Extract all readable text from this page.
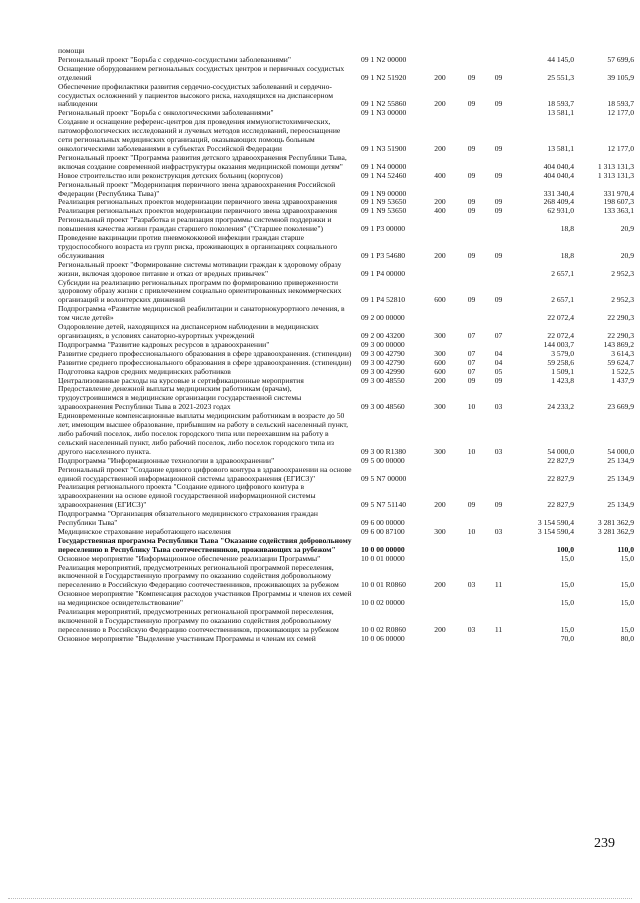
помощи						
Региональный проект "Борьба с сердечно-сосудистыми заболеваниями"	09 1 N2 00000				44 145,0	57 699,6
Оснащение оборудованием региональных сосудистых центров и первичных сосудистых отделений	09 1 N2 51920	200	09	09	25 551,3	39 105,9
Обеспечение профилактики развития сердечно-сосудистых заболеваний и сердечно-сосудистых осложнений у пациентов высокого риска, находящихся на диспансерном наблюдении	09 1 N2 55860	200	09	09	18 593,7	18 593,7
Региональный проект "Борьба с онкологическими заболеваниями"	09 1 N3 00000				13 581,1	12 177,0
Создание и оснащение референс-центров для проведения иммуногистохимических, патоморфологических исследований и лучевых методов исследований, переоснащение сети региональных медицинских организаций, оказывающих помощь больным онкологическими заболеваниями в субъектах Российской Федерации	09 1 N3 51900	200	09	09	13 581,1	12 177,0
Региональный проект "Программа развития детского здравоохранения Республики Тыва, включая создание современной инфраструктуры оказания медицинской помощи детям"	09 1 N4 00000				404 040,4	1 313 131,3
Новое строительство или реконструкция детских больниц (корпусов)	09 1 N4 52460	400	09	09	404 040,4	1 313 131,3
Региональный проект "Модернизация первичного звена здравоохранения Российской Федерации (Республика Тыва)"	09 1 N9 00000				331 340,4	331 970,4
Реализация региональных проектов модернизации первичного звена здравоохранения	09 1 N9 53650	200	09	09	268 409,4	198 607,3
Реализация региональных проектов модернизации первичного звена здравоохранения	09 1 N9 53650	400	09	09	62 931,0	133 363,1
Региональный проект "Разработка и реализация программы системной поддержки и повышения качества жизни граждан старшего поколения" ("Старшее поколение")	09 1 P3 00000				18,8	20,9
Проведение вакцинации против пневмококковой инфекции граждан старше трудоспособного возраста из групп риска, проживающих в организациях социального обслуживания	09 1 P3 54680	200	09	09	18,8	20,9
Региональный проект "Формирование системы мотивации граждан к здоровому образу жизни, включая здоровое питание и отказ от вредных привычек"	09 1 P4 00000				2 657,1	2 952,3
Субсидии на реализацию региональных программ по формированию приверженности здоровому образу жизни с привлечением социально ориентированных некоммерческих организаций и волонтерских движений	09 1 P4 52810	600	09	09	2 657,1	2 952,3
Подпрограмма «Развитие медицинской реабилитации и санаторнокурортного лечения, в том числе детей»	09 2 00 00000				22 072,4	22 290,3
Оздоровление детей, находящихся на диспансерном наблюдении в медицинских организациях, в условиях санаторно-курортных учреждений	09 2 00 43200	300	07	07	22 072,4	22 290,3
Подпрограмма "Развитие кадровых ресурсов в здравоохранении"	09 3 00 00000				144 003,7	143 869,2
Развитие среднего профессионального образования в сфере здравоохранения. (стипендии)	09 3 00 42790	300	07	04	3 579,0	3 614,3
Развитие среднего профессионального образования в сфере здравоохранения. (стипендии)	09 3 00 42790	600	07	04	59 258,6	59 624,7
Подготовка кадров средних медицинских работников	09 3 00 42990	600	07	05	1 509,1	1 522,5
Централизованные расходы на курсовые и сертификационные мероприятия	09 3 00 48550	200	09	09	1 423,8	1 437,9
Предоставление денежной выплаты медицинским работникам (врачам), трудоустроившимся в медицинские организации государственной системы здравоохранения Республики Тыва в 2021-2023 годах	09 3 00 48560	300	10	03	24 233,2	23 669,9
Единовременные компенсационные выплаты медицинским работникам в возрасте до 50 лет, имеющим высшее образование, прибывшим на работу в сельский населенный пункт, либо рабочий поселок, либо поселок городского типа или переехавшим на работу в сельский населенный пункт, либо рабочий поселок, либо поселок городского типа из другого населенного пункта.	09 3 00 R1380	300	10	03	54 000,0	54 000,0
Подпрограмма "Информационные технологии в здравоохранении"	09 5 00 00000				22 827,9	25 134,9
Региональный проект "Создание единого цифрового контура в здравоохранении на основе единой государственной информационной системы здравоохранения (ЕГИСЗ)"	09 5 N7 00000				22 827,9	25 134,9
Реализация регионального проекта "Создание единого цифрового контура в здравоохранении на основе единой государственной информационной системы здравоохранения (ЕГИСЗ)"	09 5 N7 51140	200	09	09	22 827,9	25 134,9
Подпрограмма "Организация обязательного медицинского страхования граждан Республики Тыва"	09 6 00 00000				3 154 590,4	3 281 362,9
Медицинское страхование неработающего населения	09 6 00 87100	300	10	03	3 154 590,4	3 281 362,9
Государственная программа Республики Тыва "Оказание содействия добровольному переселению в Республику Тыва соотечественников, проживающих за рубежом"	10 0 00 00000				100,0	110,0
Основное мероприятие "Информационное обеспечение реализации Программы"	10 0 01 00000				15,0	15,0
Реализация мероприятий, предусмотренных региональной программой переселения, включенной в Государственную программу по оказанию содействия добровольному переселению в Российскую Федерацию соотечественников, проживающих за рубежом	10 0 01 R0860	200	03	11	15,0	15,0
Основное мероприятие "Компенсация расходов участников Программы и членов их семей на медицинское освидетельствование"	10 0 02 00000				15,0	15,0
Реализация мероприятий, предусмотренных региональной программой переселения, включенной в Государственную программу по оказанию содействия добровольному переселению в Российскую Федерацию соотечественников, проживающих за рубежом	10 0 02 R0860	200	03	11	15,0	15,0
Основное мероприятие "Выделение участникам Программы и членам их семей	10 0 06 00000				70,0	80,0
239
